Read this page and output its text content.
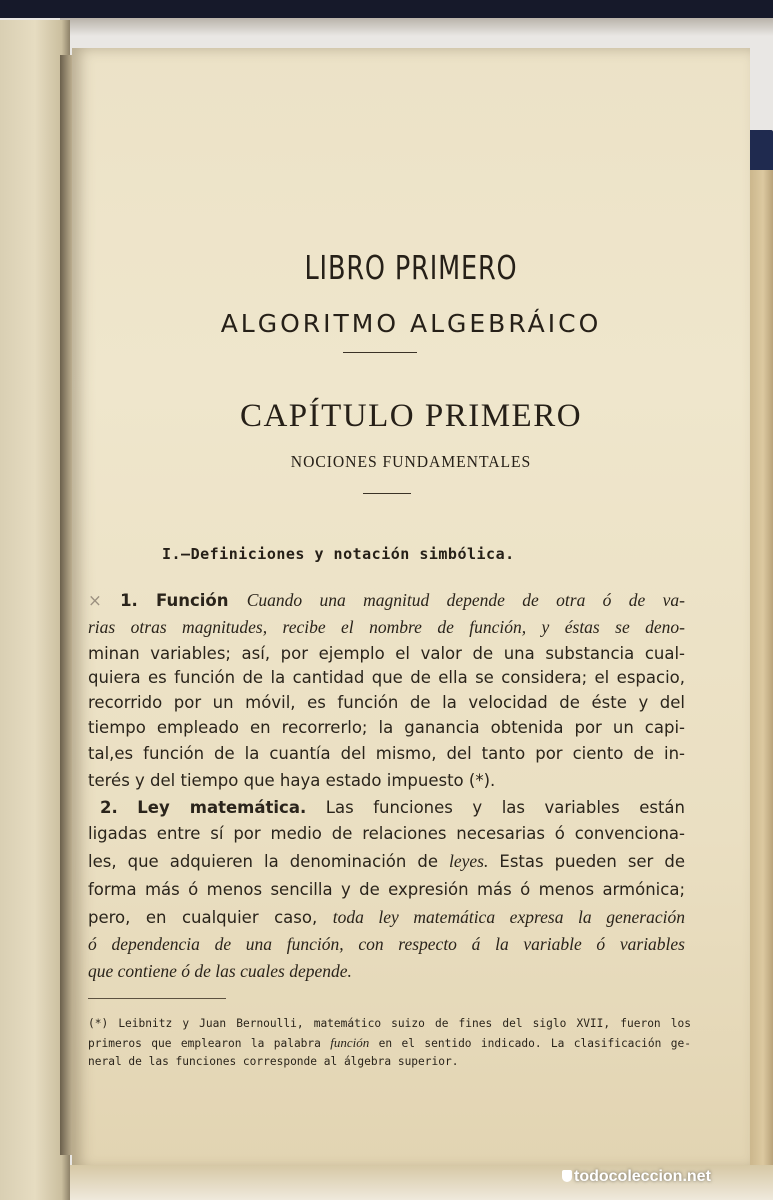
LIBRO PRIMERO
ALGORITMO ALGEBRÁICO
CAPÍTULO PRIMERO
NOCIONES FUNDAMENTALES
I.—Definiciones y notación simbólica.
× 1. Función Cuando una magnitud depende de otra ó de va-
rias otras magnitudes, recibe el nombre de función, y éstas se deno-
minan variables; así, por ejemplo el valor de una substancia cual-
quiera es función de la cantidad que de ella se considera; el espacio,
recorrido por un móvil, es función de la velocidad de éste y del
tiempo empleado en recorrerlo; la ganancia obtenida por un capi-
tal,es función de la cuantía del mismo, del tanto por ciento de in-
terés y del tiempo que haya estado impuesto (*).
2. Ley matemática. Las funciones y las variables están
ligadas entre sí por medio de relaciones necesarias ó convenciona-
les, que adquieren la denominación de leyes. Estas pueden ser de
forma más ó menos sencilla y de expresión más ó menos armónica;
pero, en cualquier caso, toda ley matemática expresa la generación
ó dependencia de una función, con respecto á la variable ó variables
que contiene ó de las cuales depende.
(*) Leibnitz y Juan Bernoulli, matemático suizo de fines del siglo XVII, fueron los
primeros que emplearon la palabra función en el sentido indicado. La clasificación ge-
neral de las funciones corresponde al álgebra superior.
todocoleccion.net
